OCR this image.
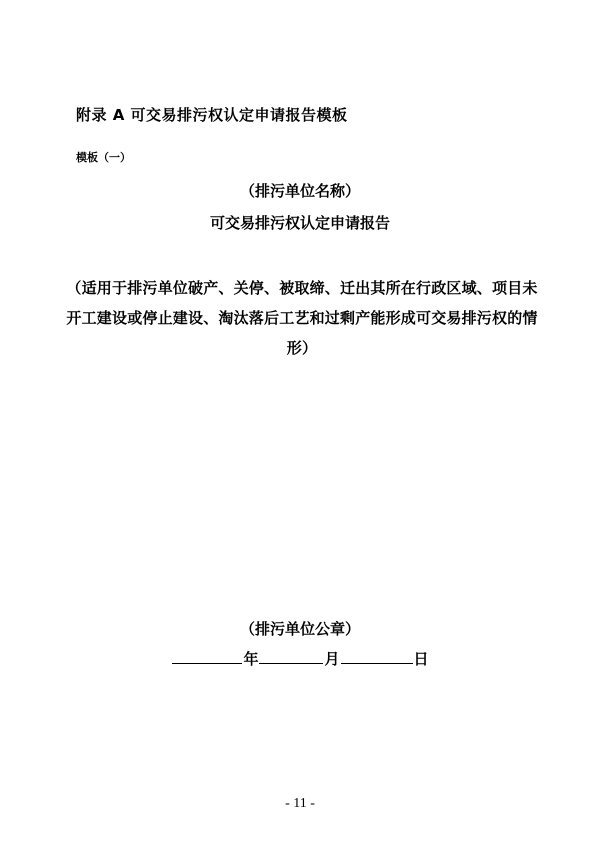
附录 A 可交易排污权认定申请报告模板
模板（一）
（排污单位名称）
可交易排污权认定申请报告
（适用于排污单位破产、关停、被取缔、迁出其所在行政区域、项目未开工建设或停止建设、淘汰落后工艺和过剩产能形成可交易排污权的情形）
（排污单位公章）
年	月	日
- 11 -
